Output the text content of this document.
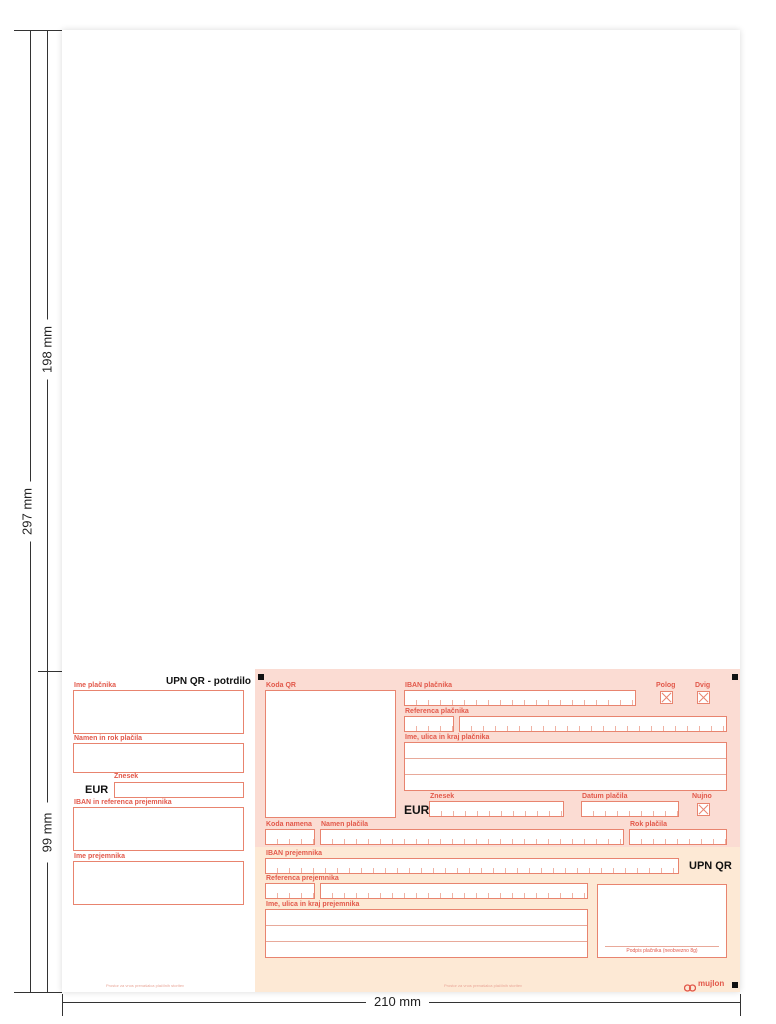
297 mm
198 mm
99 mm
210 mm
Ime plačnika	UPN QR - potrdilo
Namen in rok plačila
Znesek
EUR
IBAN in referenca prejemnika
Ime prejemnika
Prostor za vnos prenašalca plačilnih storitev
Koda QR	IBAN plačnika	Polog	Dvig
Referenca plačnika
Ime, ulica in kraj plačnika
Znesek
EUR
Datum plačila	Nujno
Koda namena Namen plačila	Rok plačila
IBAN prejemnika
UPN QR
Referenca prejemnika
Ime, ulica in kraj prejemnika
Podpis plačnika (neobvezno 8g)
Prostor za vnos prenašalca plačilnih storitev	mujlon
